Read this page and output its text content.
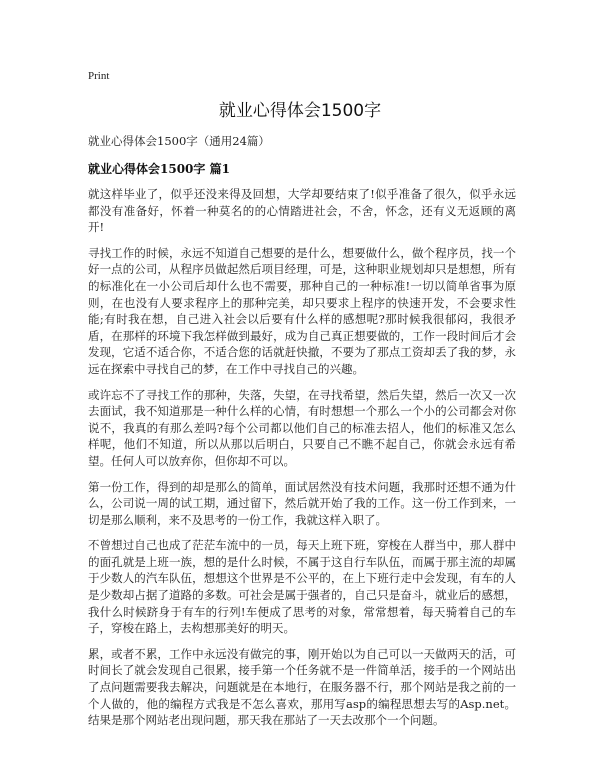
Print
就业心得体会1500字
就业心得体会1500字（通用24篇）
就业心得体会1500字 篇1

就这样毕业了，似乎还没来得及回想，大学却要结束了!似乎准备了很久，似乎永远都没有准备好，怀着一种莫名的的心情踏进社会，不舍，怀念，还有义无返顾的离开!

寻找工作的时候，永远不知道自己想要的是什么，想要做什么，做个程序员，找一个好一点的公司，从程序员做起然后项目经理，可是，这种职业规划却只是想想，所有的标准化在一小公司后却什么也不需要，那种自己的一种标准!一切以简单省事为原则，在也没有人要求程序上的那种完美，却只要求上程序的快速开发，不会要求性能;有时我在想，自己进入社会以后要有什么样的感想呢?那时候我很郁闷，我很矛盾，在那样的环境下我怎样做到最好，成为自己真正想要做的，工作一段时间后才会发现，它适不适合你，不适合您的话就赶快撤，不要为了那点工资却丢了我的梦，永远在探索中寻找自己的梦，在工作中寻找自己的兴趣。

或许忘不了寻找工作的那种，失落，失望，在寻找希望，然后失望，然后一次又一次去面试，我不知道那是一种什么样的心情，有时想想一个那么一个小的公司都会对你说不，我真的有那么差吗?每个公司都以他们自己的标准去招人，他们的标准又怎么样呢，他们不知道，所以从那以后明白，只要自己不瞧不起自己，你就会永远有希望。任何人可以放弃你，但你却不可以。

第一份工作，得到的却是那么的简单，面试居然没有技术问题，我那时还想不通为什么，公司说一周的试工期，通过留下，然后就开始了我的工作。这一份工作到来，一切是那么顺利，来不及思考的一份工作，我就这样入职了。

不曾想过自己也成了茫茫车流中的一员，每天上班下班，穿梭在人群当中，那人群中的面孔就是上班一族，想的是什么时候，不属于这自行车队伍，而属于那主流的却属于少数人的汽车队伍，想想这个世界是不公平的，在上下班行走中会发现，有车的人是少数却占据了道路的多数。可社会是属于强者的，自己只是奋斗，就业后的感想，我什么时候跻身于有车的行列!车便成了思考的对象，常常想着，每天骑着自己的车子，穿梭在路上，去构想那美好的明天。

累，或者不累，工作中永远没有做完的事，刚开始以为自己可以一天做两天的活，可时间长了就会发现自己很累，接手第一个任务就不是一件简单活，接手的一个网站出了点问题需要我去解决，问题就是在本地行，在服务器不行，那个网站是我之前的一个人做的，他的编程方式我是不怎么喜欢，那用写asp的编程思想去写的Asp.net。结果是那个网站老出现问题，那天我在那站了一天去改那个一个问题。
